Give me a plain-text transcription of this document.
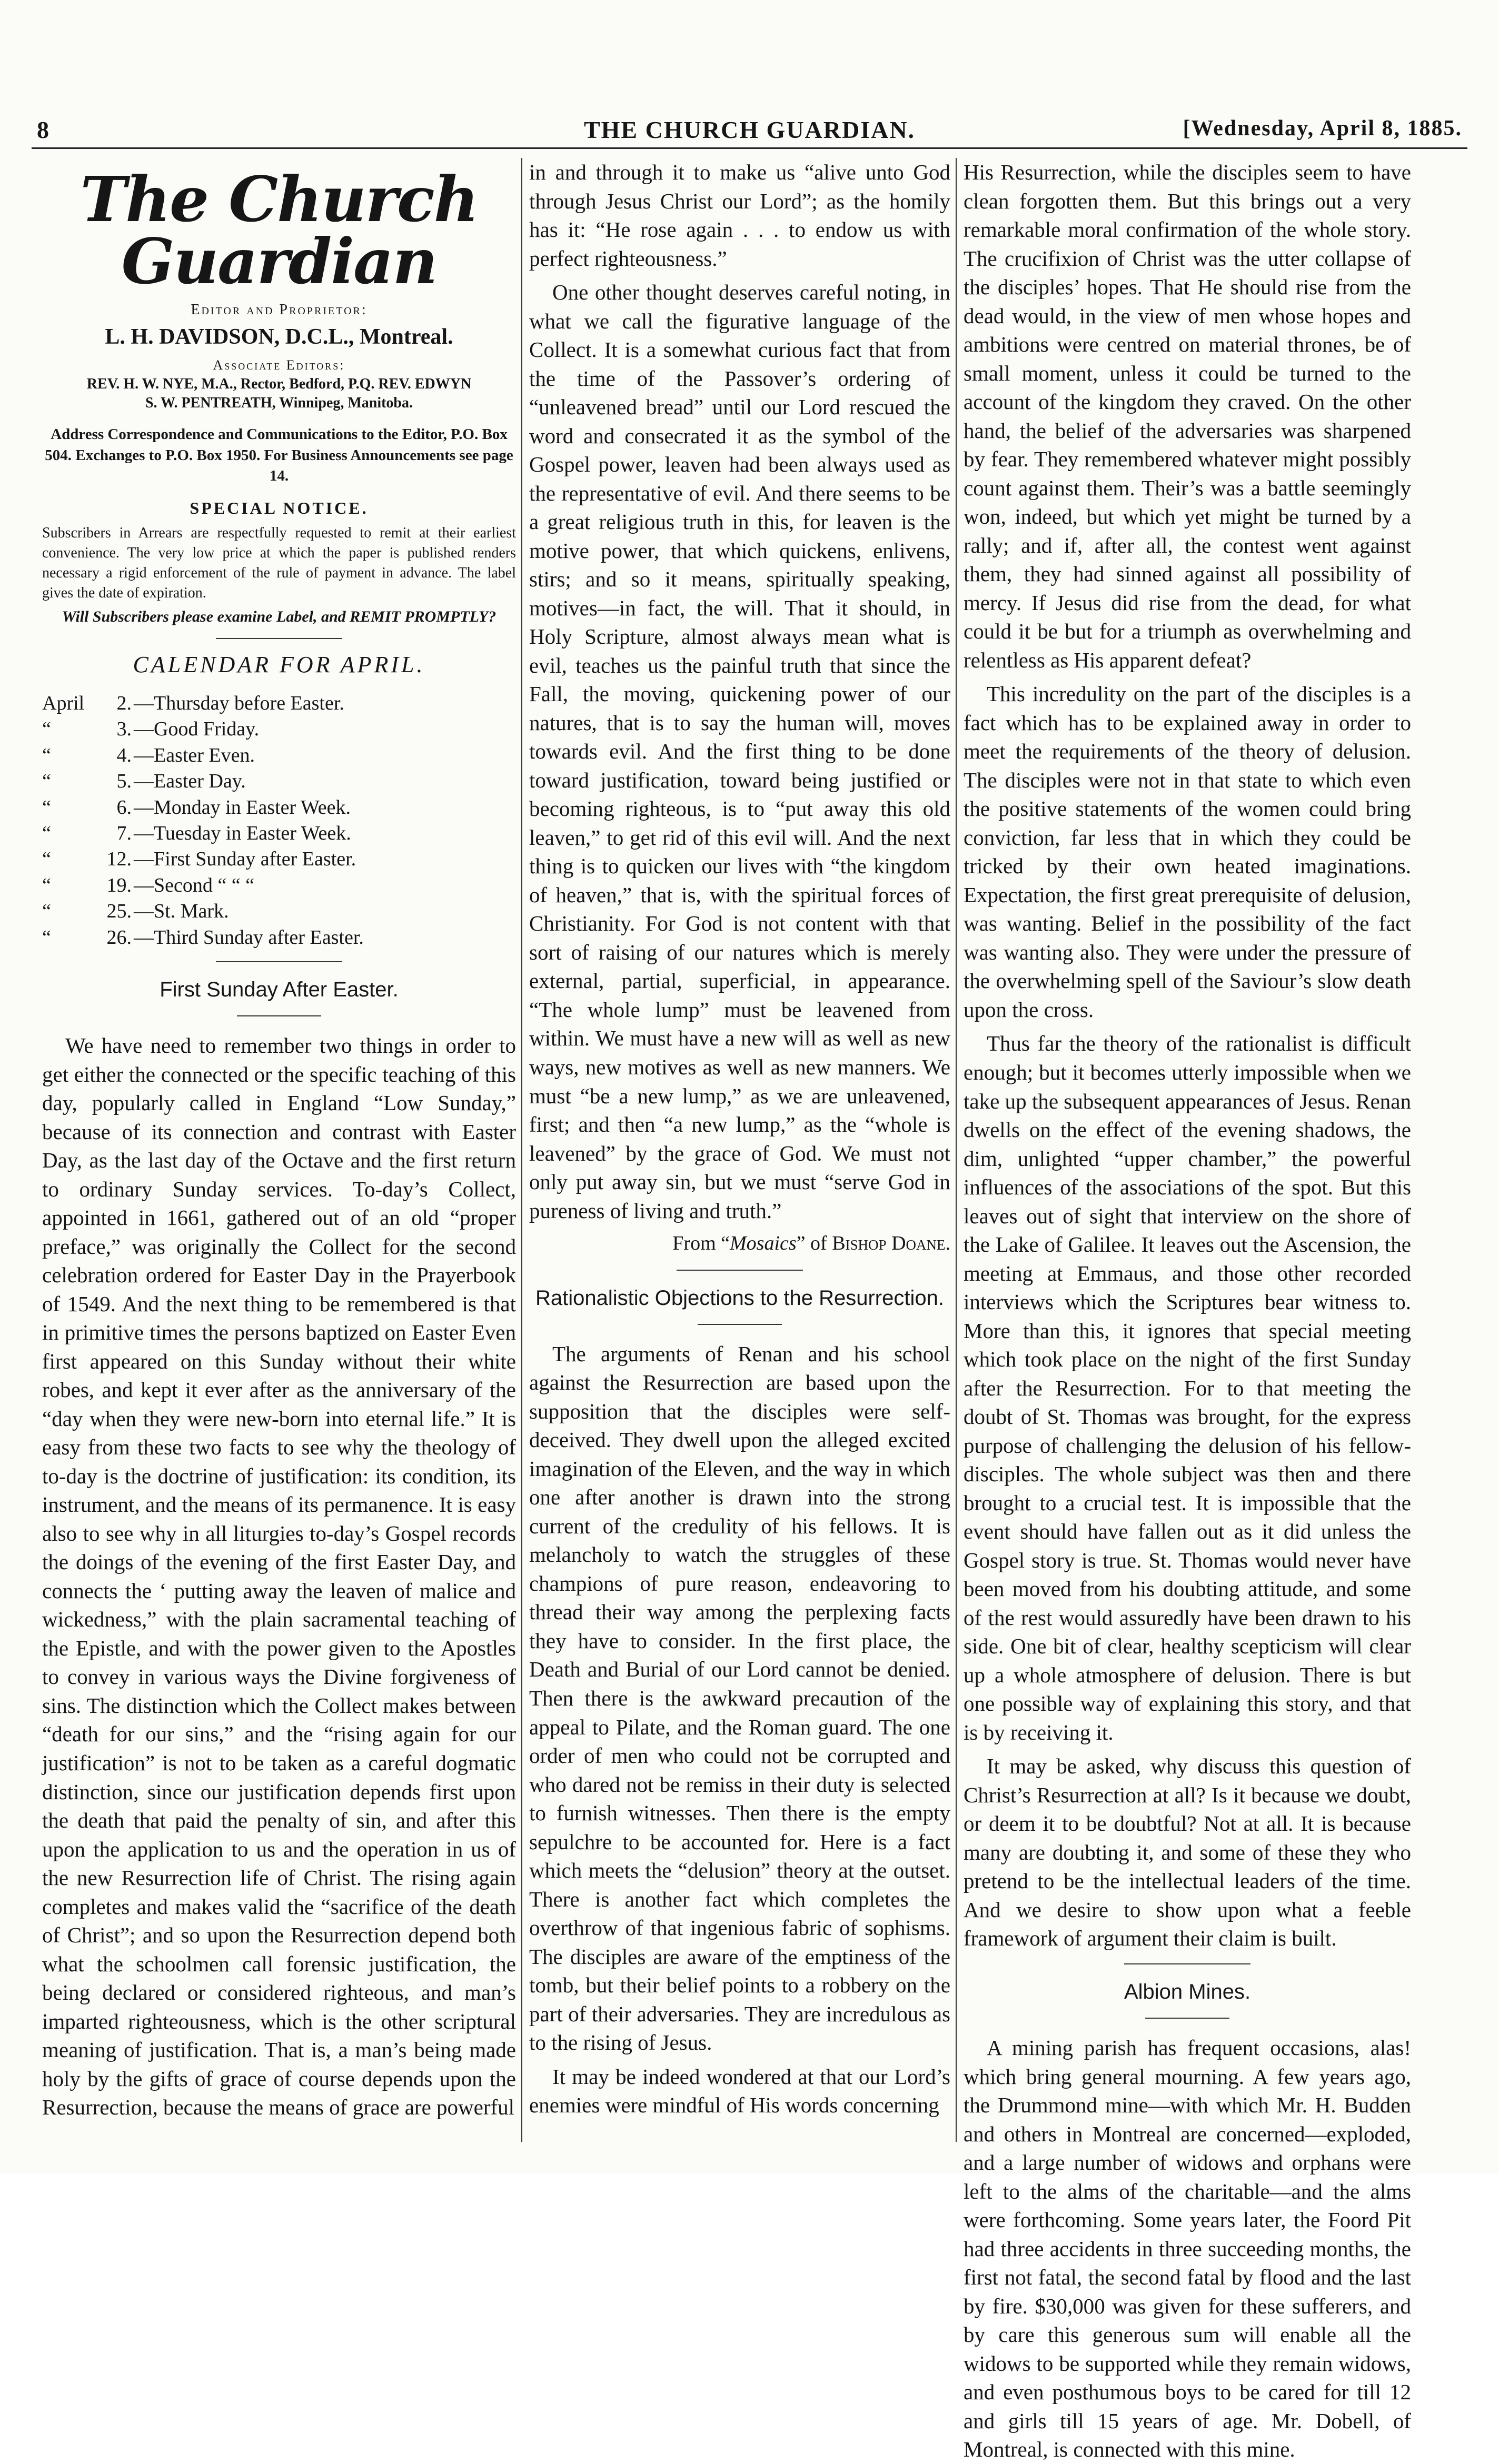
8	THE CHURCH GUARDIAN.	[Wednesday, April 8, 1885.
The Church Guardian
Editor and Proprietor:
L. H. DAVIDSON, D.C.L., Montreal.
Associate Editors:
REV. H. W. NYE, M.A., Rector, Bedford, P.Q. REV. EDWYN
S. W. PENTREATH, Winnipeg, Manitoba.
Address Correspondence and Communications to the Editor, P.O. Box 504. Exchanges to P.O. Box 1950. For Business Announcements see page 14.
SPECIAL NOTICE.
Subscribers in Arrears are respectfully requested to remit at their earliest convenience. The very low price at which the paper is published renders necessary a rigid enforcement of the rule of payment in advance. The label gives the date of expiration.
Will Subscribers please examine Label, and REMIT PROMPTLY?
CALENDAR FOR APRIL.
April 2. —Thursday before Easter.
“	3. —Good Friday.
“	4. —Easter Even.
“	5. —Easter Day.
“	6. —Monday in Easter Week.
“	7. —Tuesday in Easter Week.
“	12. —First Sunday after Easter.
“	19. —Second “ “ “
“	25. —St. Mark.
“	26. —Third Sunday after Easter.
First Sunday After Easter.

We have need to remember two things in order to get either the connected or the specific teaching of this day, popularly called in England “Low Sunday,” because of its connection and contrast with Easter Day, as the last day of the Octave and the first return to ordinary Sunday services. To-day’s Collect, appointed in 1661, gathered out of an old “proper preface,” was originally the Collect for the second celebration ordered for Easter Day in the Prayerbook of 1549. And the next thing to be remembered is that in primitive times the persons baptized on Easter Even first appeared on this Sunday without their white robes, and kept it ever after as the anniversary of the “day when they were new-born into eternal life.” It is easy from these two facts to see why the theology of to-day is the doctrine of justification: its condition, its instrument, and the means of its permanence. It is easy also to see why in all liturgies to-day’s Gospel records the doings of the evening of the first Easter Day, and connects the ‘ putting away the leaven of malice and wickedness,” with the plain sacramental teaching of the Epistle, and with the power given to the Apostles to convey in various ways the Divine forgiveness of sins. The distinction which the Collect makes between “death for our sins,” and the “rising again for our justification” is not to be taken as a careful dogmatic distinction, since our justification depends first upon the death that paid the penalty of sin, and after this upon the application to us and the operation in us of the new Resurrection life of Christ. The rising again completes and makes valid the “sacrifice of the death of Christ”; and so upon the Resurrection depend both what the schoolmen call forensic justification, the being declared or considered righteous, and man’s imparted righteousness, which is the other scriptural meaning of justification. That is, a man’s being made holy by the gifts of grace of course depends upon the Resurrection, because the means of grace are powerful

in and through it to make us “alive unto God through Jesus Christ our Lord”; as the homily has it: “He rose again . . . to endow us with perfect righteousness.”

One other thought deserves careful noting, in what we call the figurative language of the Collect. It is a somewhat curious fact that from the time of the Passover’s ordering of “unleavened bread” until our Lord rescued the word and consecrated it as the symbol of the Gospel power, leaven had been always used as the representative of evil. And there seems to be a great religious truth in this, for leaven is the motive power, that which quickens, enlivens, stirs; and so it means, spiritually speaking, motives—in fact, the will. That it should, in Holy Scripture, almost always mean what is evil, teaches us the painful truth that since the Fall, the moving, quickening power of our natures, that is to say the human will, moves towards evil. And the first thing to be done toward justification, toward being justified or becoming righteous, is to “put away this old leaven,” to get rid of this evil will. And the next thing is to quicken our lives with “the kingdom of heaven,” that is, with the spiritual forces of Christianity. For God is not content with that sort of raising of our natures which is merely external, partial, superficial, in appearance. “The whole lump” must be leavened from within. We must have a new will as well as new ways, new motives as well as new manners. We must “be a new lump,” as we are unleavened, first; and then “a new lump,” as the “whole is leavened” by the grace of God. We must not only put away sin, but we must “serve God in pureness of living and truth.”

From “Mosaics” of Bishop Doane.
Rationalistic Objections to the Resurrection.

The arguments of Renan and his school against the Resurrection are based upon the supposition that the disciples were self-deceived. They dwell upon the alleged excited imagination of the Eleven, and the way in which one after another is drawn into the strong current of the credulity of his fellows. It is melancholy to watch the struggles of these champions of pure reason, endeavoring to thread their way among the perplexing facts they have to consider. In the first place, the Death and Burial of our Lord cannot be denied. Then there is the awkward precaution of the appeal to Pilate, and the Roman guard. The one order of men who could not be corrupted and who dared not be remiss in their duty is selected to furnish witnesses. Then there is the empty sepulchre to be accounted for. Here is a fact which meets the “delusion” theory at the outset. There is another fact which completes the overthrow of that ingenious fabric of sophisms. The disciples are aware of the emptiness of the tomb, but their belief points to a robbery on the part of their adversaries. They are incredulous as to the rising of Jesus.

It may be indeed wondered at that our Lord’s enemies were mindful of His words concerning

His Resurrection, while the disciples seem to have clean forgotten them. But this brings out a very remarkable moral confirmation of the whole story. The crucifixion of Christ was the utter collapse of the disciples’ hopes. That He should rise from the dead would, in the view of men whose hopes and ambitions were centred on material thrones, be of small moment, unless it could be turned to the account of the kingdom they craved. On the other hand, the belief of the adversaries was sharpened by fear. They remembered whatever might possibly count against them. Their’s was a battle seemingly won, indeed, but which yet might be turned by a rally; and if, after all, the contest went against them, they had sinned against all possibility of mercy. If Jesus did rise from the dead, for what could it be but for a triumph as overwhelming and relentless as His apparent defeat?

This incredulity on the part of the disciples is a fact which has to be explained away in order to meet the requirements of the theory of delusion. The disciples were not in that state to which even the positive statements of the women could bring conviction, far less that in which they could be tricked by their own heated imaginations. Expectation, the first great prerequisite of delusion, was wanting. Belief in the possibility of the fact was wanting also. They were under the pressure of the overwhelming spell of the Saviour’s slow death upon the cross.

Thus far the theory of the rationalist is difficult enough; but it becomes utterly impossible when we take up the subsequent appearances of Jesus. Renan dwells on the effect of the evening shadows, the dim, unlighted “upper chamber,” the powerful influences of the associations of the spot. But this leaves out of sight that interview on the shore of the Lake of Galilee. It leaves out the Ascension, the meeting at Emmaus, and those other recorded interviews which the Scriptures bear witness to. More than this, it ignores that special meeting which took place on the night of the first Sunday after the Resurrection. For to that meeting the doubt of St. Thomas was brought, for the express purpose of challenging the delusion of his fellow-disciples. The whole subject was then and there brought to a crucial test. It is impossible that the event should have fallen out as it did unless the Gospel story is true. St. Thomas would never have been moved from his doubting attitude, and some of the rest would assuredly have been drawn to his side. One bit of clear, healthy scepticism will clear up a whole atmosphere of delusion. There is but one possible way of explaining this story, and that is by receiving it.

It may be asked, why discuss this question of Christ’s Resurrection at all? Is it because we doubt, or deem it to be doubtful? Not at all. It is because many are doubting it, and some of these they who pretend to be the intellectual leaders of the time. And we desire to show upon what a feeble framework of argument their claim is built.

Albion Mines.

A mining parish has frequent occasions, alas! which bring general mourning. A few years ago, the Drummond mine—with which Mr. H. Budden and others in Montreal are concerned—exploded, and a large number of widows and orphans were left to the alms of the charitable—and the alms were forthcoming. Some years later, the Foord Pit had three accidents in three succeeding months, the first not fatal, the second fatal by flood and the last by fire. $30,000 was given for these sufferers, and by care this generous sum will enable all the widows to be supported while they remain widows, and even posthumous boys to be cared for till 12 and girls till 15 years of age. Mr. Dobell, of Montreal, is connected with this mine.
